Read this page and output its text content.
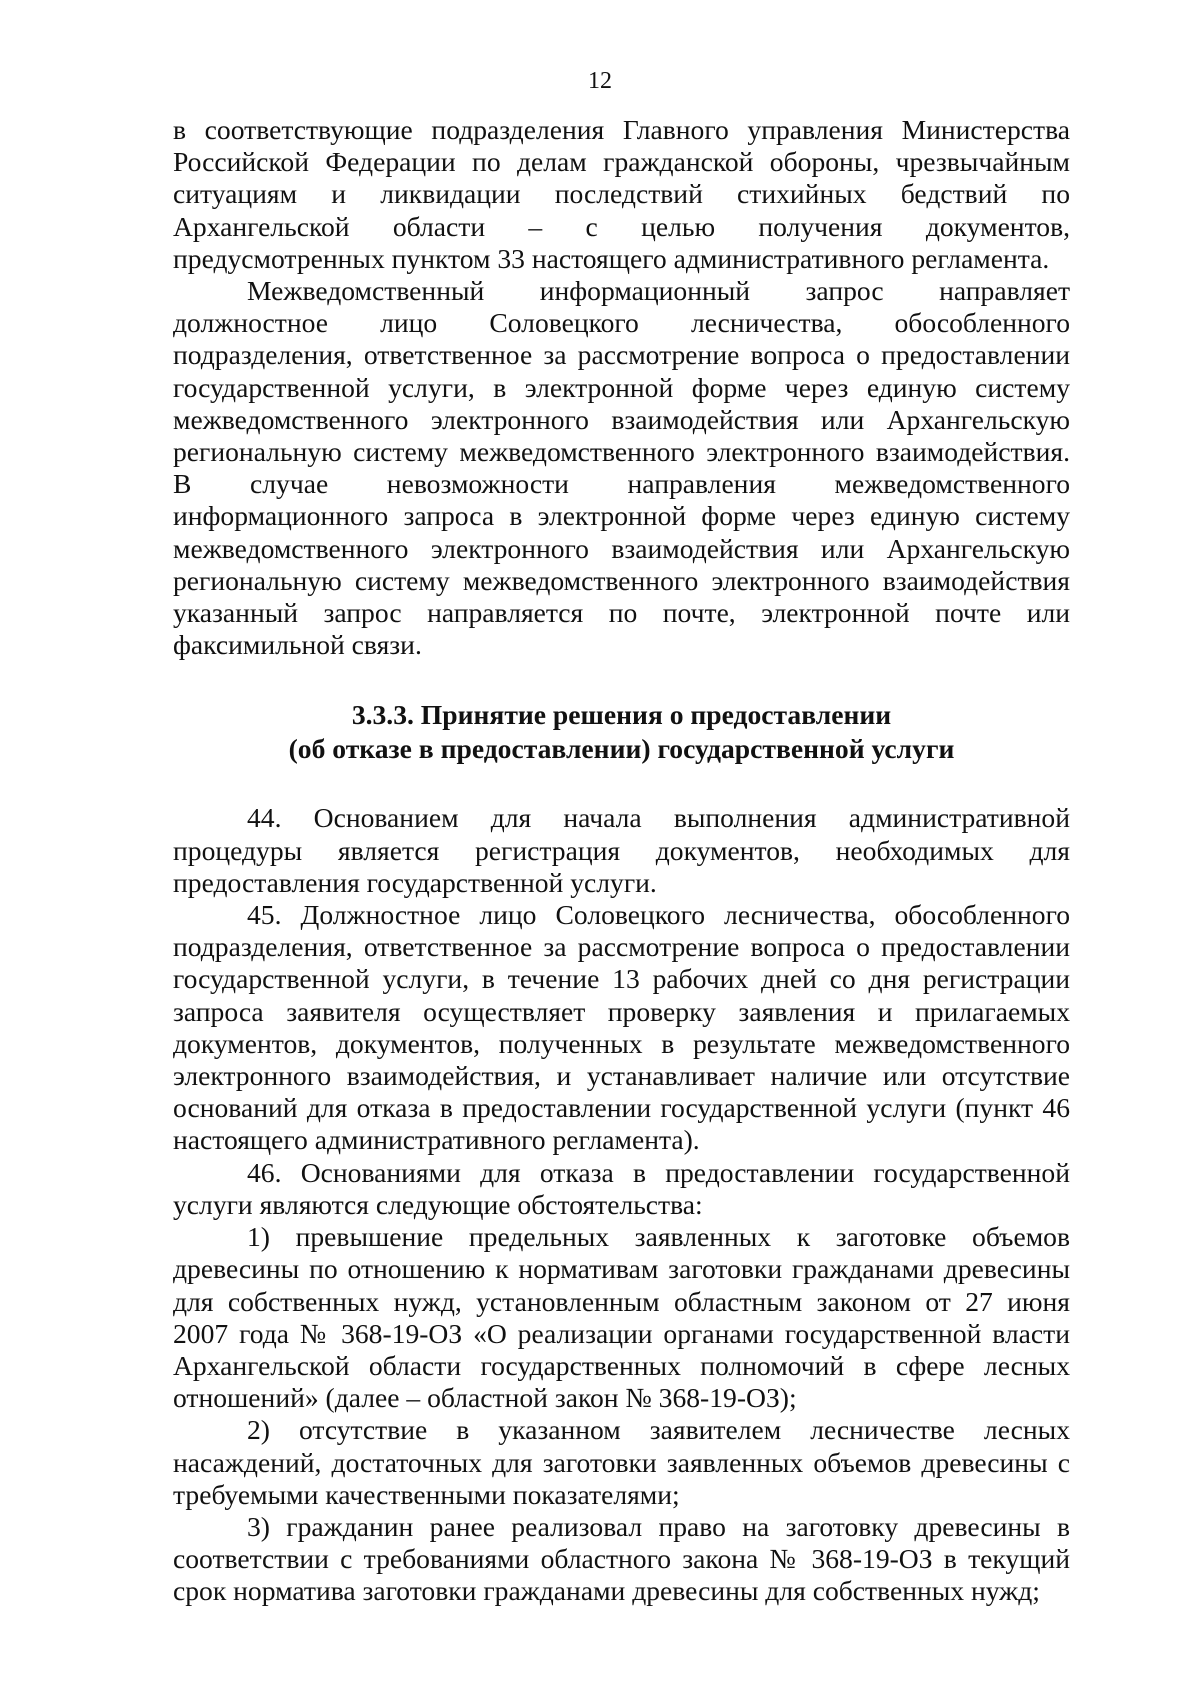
12

в соответствующие подразделения Главного управления Министерства Российской Федерации по делам гражданской обороны, чрезвычайным ситуациям и ликвидации последствий стихийных бедствий по Архангельской области – с целью получения документов, предусмотренных пунктом 33 настоящего административного регламента.

Межведомственный информационный запрос направляет должностное лицо Соловецкого лесничества, обособленного подразделения, ответственное за рассмотрение вопроса о предоставлении государственной услуги, в электронной форме через единую систему межведомственного электронного взаимодействия или Архангельскую региональную систему межведомственного электронного взаимодействия. В случае невозможности направления межведомственного информационного запроса в электронной форме через единую систему межведомственного электронного взаимодействия или Архангельскую региональную систему межведомственного электронного взаимодействия указанный запрос направляется по почте, электронной почте или факсимильной связи.

3.3.3. Принятие решения о предоставлении
(об отказе в предоставлении) государственной услуги

44. Основанием для начала выполнения административной процедуры является регистрация документов, необходимых для предоставления государственной услуги.

45. Должностное лицо Соловецкого лесничества, обособленного подразделения, ответственное за рассмотрение вопроса о предоставлении государственной услуги, в течение 13 рабочих дней со дня регистрации запроса заявителя осуществляет проверку заявления и прилагаемых документов, документов, полученных в результате межведомственного электронного взаимодействия, и устанавливает наличие или отсутствие оснований для отказа в предоставлении государственной услуги (пункт 46 настоящего административного регламента).

46. Основаниями для отказа в предоставлении государственной услуги являются следующие обстоятельства:

1) превышение предельных заявленных к заготовке объемов древесины по отношению к нормативам заготовки гражданами древесины для собственных нужд, установленным областным законом от 27 июня 2007 года № 368-19-ОЗ «О реализации органами государственной власти Архангельской области государственных полномочий в сфере лесных отношений» (далее – областной закон № 368-19-ОЗ);

2) отсутствие в указанном заявителем лесничестве лесных насаждений, достаточных для заготовки заявленных объемов древесины с требуемыми качественными показателями;

3) гражданин ранее реализовал право на заготовку древесины в соответствии с требованиями областного закона № 368-19-ОЗ в текущий срок норматива заготовки гражданами древесины для собственных нужд;
